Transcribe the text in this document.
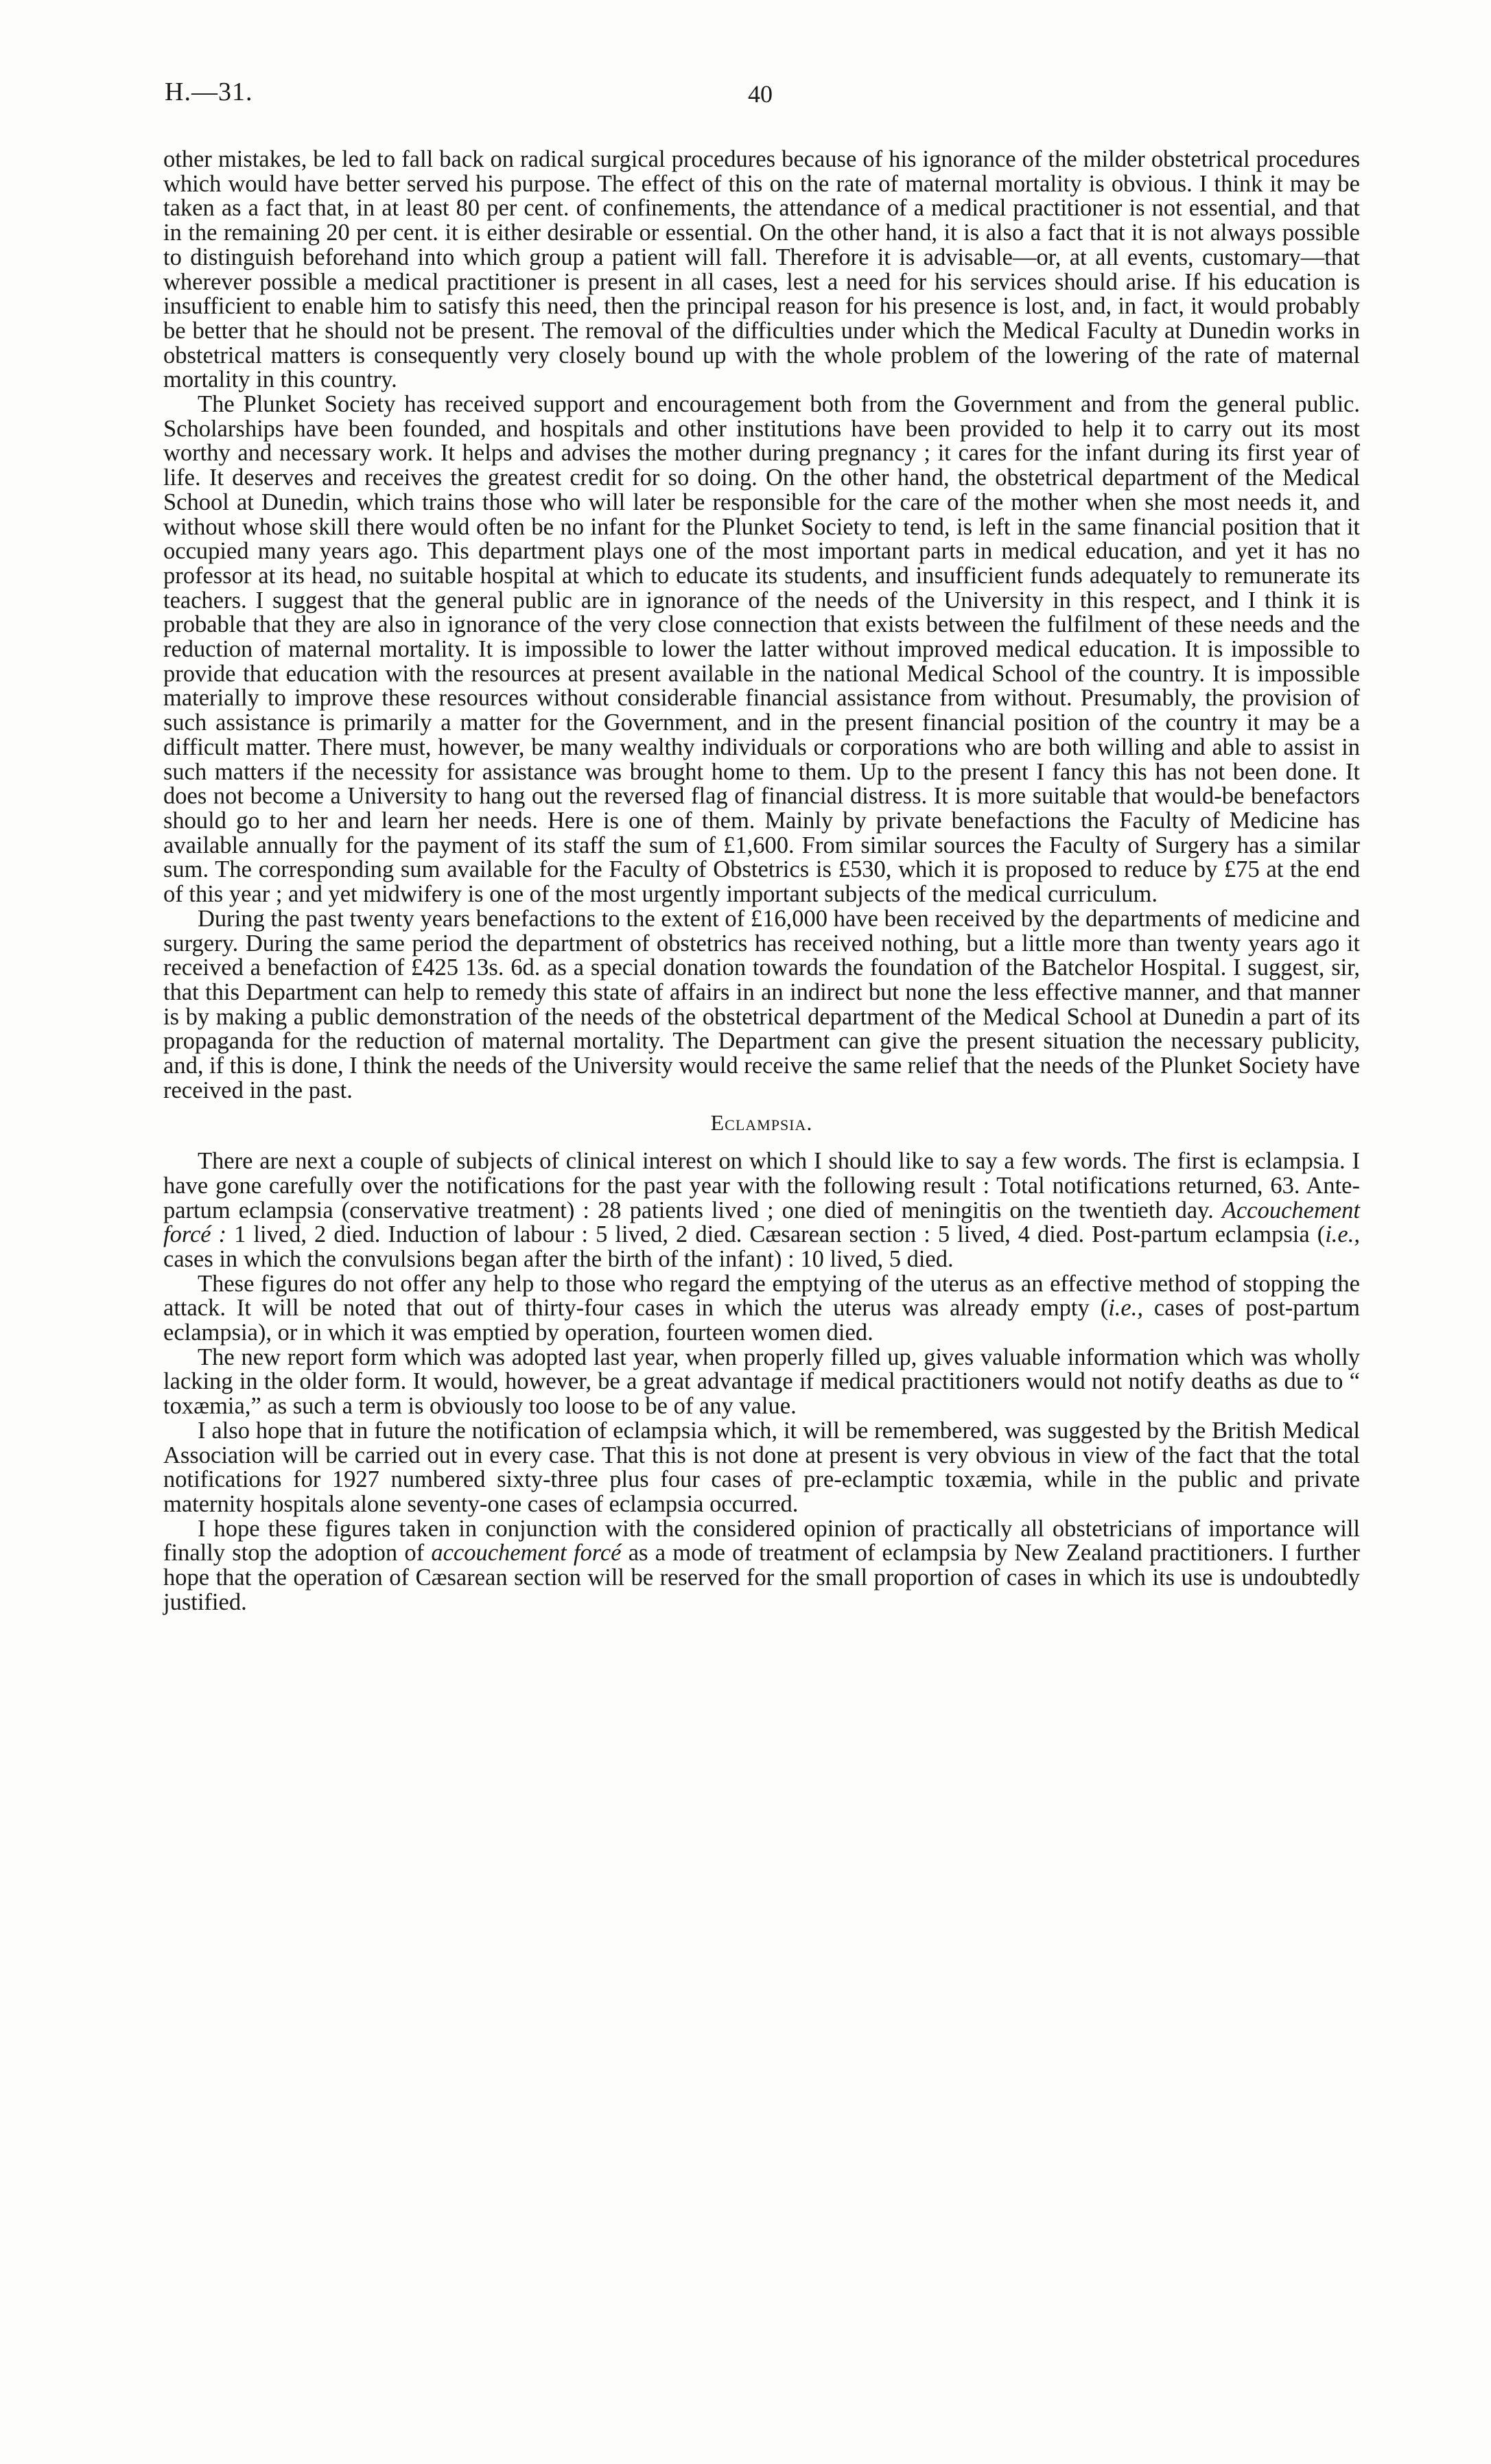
H.—31.	40

other mistakes, be led to fall back on radical surgical procedures because of his ignorance of the milder obstetrical procedures which would have better served his purpose. The effect of this on the rate of maternal mortality is obvious. I think it may be taken as a fact that, in at least 80 per cent. of confinements, the attendance of a medical practitioner is not essential, and that in the remaining 20 per cent. it is either desirable or essential. On the other hand, it is also a fact that it is not always possible to distinguish beforehand into which group a patient will fall. Therefore it is advisable—or, at all events, customary—that wherever possible a medical practitioner is present in all cases, lest a need for his services should arise. If his education is insufficient to enable him to satisfy this need, then the principal reason for his presence is lost, and, in fact, it would probably be better that he should not be present. The removal of the difficulties under which the Medical Faculty at Dunedin works in obstetrical matters is consequently very closely bound up with the whole problem of the lowering of the rate of maternal mortality in this country.

The Plunket Society has received support and encouragement both from the Government and from the general public. Scholarships have been founded, and hospitals and other institutions have been provided to help it to carry out its most worthy and necessary work. It helps and advises the mother during pregnancy ; it cares for the infant during its first year of life. It deserves and receives the greatest credit for so doing. On the other hand, the obstetrical department of the Medical School at Dunedin, which trains those who will later be responsible for the care of the mother when she most needs it, and without whose skill there would often be no infant for the Plunket Society to tend, is left in the same financial position that it occupied many years ago. This department plays one of the most important parts in medical education, and yet it has no professor at its head, no suitable hospital at which to educate its students, and insufficient funds adequately to remunerate its teachers. I suggest that the general public are in ignorance of the needs of the University in this respect, and I think it is probable that they are also in ignorance of the very close connection that exists between the fulfilment of these needs and the reduction of maternal mortality. It is impossible to lower the latter without improved medical education. It is impossible to provide that education with the resources at present available in the national Medical School of the country. It is impossible materially to improve these resources without considerable financial assistance from without. Presumably, the provision of such assistance is primarily a matter for the Government, and in the present financial position of the country it may be a difficult matter. There must, however, be many wealthy individuals or corporations who are both willing and able to assist in such matters if the necessity for assistance was brought home to them. Up to the present I fancy this has not been done. It does not become a University to hang out the reversed flag of financial distress. It is more suitable that would-be benefactors should go to her and learn her needs. Here is one of them. Mainly by private benefactions the Faculty of Medicine has available annually for the payment of its staff the sum of £1,600. From similar sources the Faculty of Surgery has a similar sum. The corresponding sum available for the Faculty of Obstetrics is £530, which it is proposed to reduce by £75 at the end of this year ; and yet midwifery is one of the most urgently important subjects of the medical curriculum.

During the past twenty years benefactions to the extent of £16,000 have been received by the departments of medicine and surgery. During the same period the department of obstetrics has received nothing, but a little more than twenty years ago it received a benefaction of £425 13s. 6d. as a special donation towards the foundation of the Batchelor Hospital. I suggest, sir, that this Department can help to remedy this state of affairs in an indirect but none the less effective manner, and that manner is by making a public demonstration of the needs of the obstetrical department of the Medical School at Dunedin a part of its propaganda for the reduction of maternal mortality. The Department can give the present situation the necessary publicity, and, if this is done, I think the needs of the University would receive the same relief that the needs of the Plunket Society have received in the past.

Eclampsia.

There are next a couple of subjects of clinical interest on which I should like to say a few words. The first is eclampsia. I have gone carefully over the notifications for the past year with the following result : Total notifications returned, 63. Ante-partum eclampsia (conservative treatment) : 28 patients lived ; one died of meningitis on the twentieth day. Accouchement forcé : 1 lived, 2 died. Induction of labour : 5 lived, 2 died. Cæsarean section : 5 lived, 4 died. Post-partum eclampsia (i.e., cases in which the convulsions began after the birth of the infant) : 10 lived, 5 died.

These figures do not offer any help to those who regard the emptying of the uterus as an effective method of stopping the attack. It will be noted that out of thirty-four cases in which the uterus was already empty (i.e., cases of post-partum eclampsia), or in which it was emptied by operation, fourteen women died.

The new report form which was adopted last year, when properly filled up, gives valuable information which was wholly lacking in the older form. It would, however, be a great advantage if medical practitioners would not notify deaths as due to “ toxæmia,” as such a term is obviously too loose to be of any value.

I also hope that in future the notification of eclampsia which, it will be remembered, was suggested by the British Medical Association will be carried out in every case. That this is not done at present is very obvious in view of the fact that the total notifications for 1927 numbered sixty-three plus four cases of pre-eclamptic toxæmia, while in the public and private maternity hospitals alone seventy-one cases of eclampsia occurred.

I hope these figures taken in conjunction with the considered opinion of practically all obstetricians of importance will finally stop the adoption of accouchement forcé as a mode of treatment of eclampsia by New Zealand practitioners. I further hope that the operation of Cæsarean section will be reserved for the small proportion of cases in which its use is undoubtedly justified.
